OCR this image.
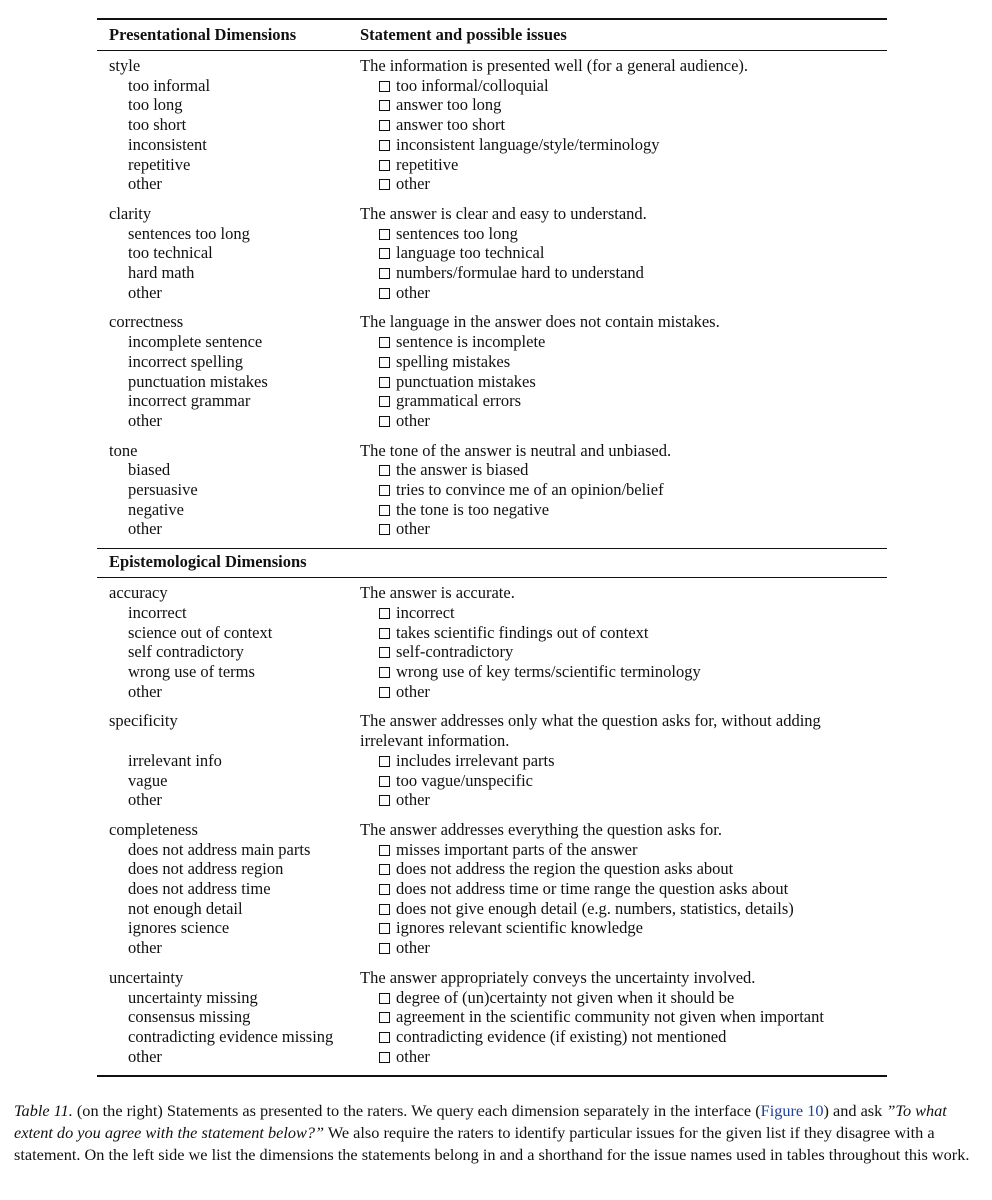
Presentational Dimensions	Statement and possible issues
style	The information is presented well (for a general audience).
too informal	too informal/colloquial
too long	answer too long
too short	answer too short
inconsistent	inconsistent language/style/terminology
repetitive	repetitive
other	other
clarity	The answer is clear and easy to understand.
sentences too long	sentences too long
too technical	language too technical
hard math	numbers/formulae hard to understand
other	other
correctness	The language in the answer does not contain mistakes.
incomplete sentence	sentence is incomplete
incorrect spelling	spelling mistakes
punctuation mistakes	punctuation mistakes
incorrect grammar	grammatical errors
other	other
tone	The tone of the answer is neutral and unbiased.
biased	the answer is biased
persuasive	tries to convince me of an opinion/belief
negative	the tone is too negative
other	other
Epistemological Dimensions
accuracy	The answer is accurate.
incorrect	incorrect
science out of context	takes scientific findings out of context
self contradictory	self-contradictory
wrong use of terms	wrong use of key terms/scientific terminology
other	other
specificity	The answer addresses only what the question asks for, without adding irrelevant information.
irrelevant info	includes irrelevant parts
vague	too vague/unspecific
other	other
completeness	The answer addresses everything the question asks for.
does not address main parts	misses important parts of the answer
does not address region	does not address the region the question asks about
does not address time	does not address time or time range the question asks about
not enough detail	does not give enough detail (e.g. numbers, statistics, details)
ignores science	ignores relevant scientific knowledge
other	other
uncertainty	The answer appropriately conveys the uncertainty involved.
uncertainty missing	degree of (un)certainty not given when it should be
consensus missing	agreement in the scientific community not given when important
contradicting evidence missing	contradicting evidence (if existing) not mentioned
other	other
Table 11. (on the right) Statements as presented to the raters. We query each dimension separately in the interface (Figure 10) and ask ”To what extent do you agree with the statement below?” We also require the raters to identify particular issues for the given list if they disagree with a statement. On the left side we list the dimensions the statements belong in and a shorthand for the issue names used in tables throughout this work.
